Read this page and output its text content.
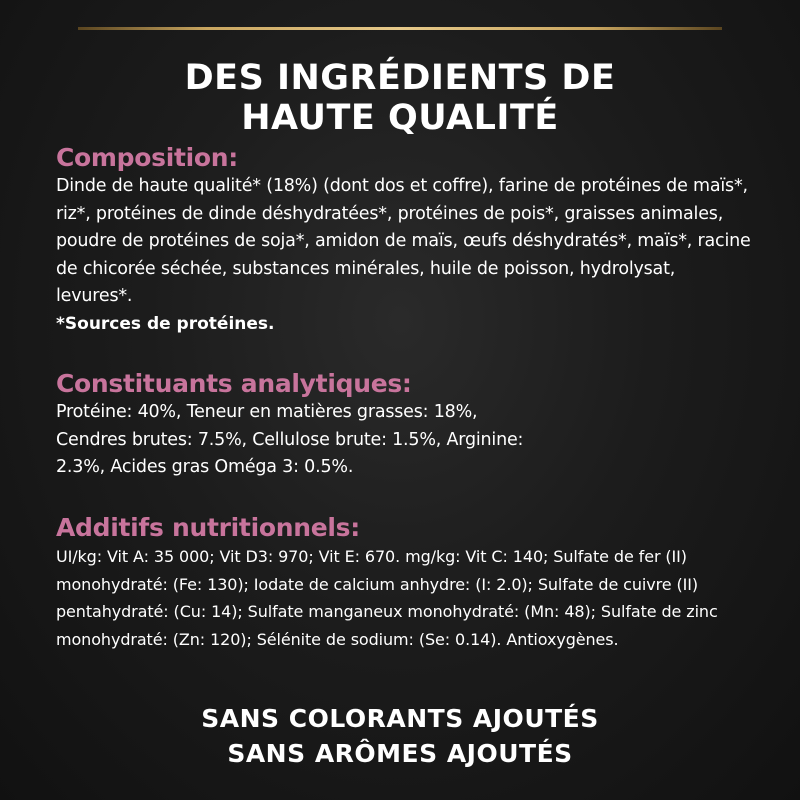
DES INGRÉDIENTS DE
HAUTE QUALITÉ
Composition:

Dinde de haute qualité* (18%) (dont dos et coffre), farine de protéines de maïs*, riz*, protéines de dinde déshydratées*, protéines de pois*, graisses animales, poudre de protéines de soja*, amidon de maïs, œufs déshydratés*, maïs*, racine de chicorée séchée, substances minérales, huile de poisson, hydrolysat, levures*.

*Sources de protéines.

Constituants analytiques:

Protéine: 40%, Teneur en matières grasses: 18%, Cendres brutes: 7.5%, Cellulose brute: 1.5%, Arginine: 2.3%, Acides gras Oméga 3: 0.5%.

Additifs nutritionnels:

UI/kg: Vit A: 35 000; Vit D3: 970; Vit E: 670. mg/kg: Vit C: 140; Sulfate de fer (II) monohydraté: (Fe: 130); Iodate de calcium anhydre: (I: 2.0); Sulfate de cuivre (II) pentahydraté: (Cu: 14); Sulfate manganeux monohydraté: (Mn: 48); Sulfate de zinc monohydraté: (Zn: 120); Sélénite de sodium: (Se: 0.14). Antioxygènes.

SANS COLORANTS AJOUTÉS
SANS ARÔMES AJOUTÉS
